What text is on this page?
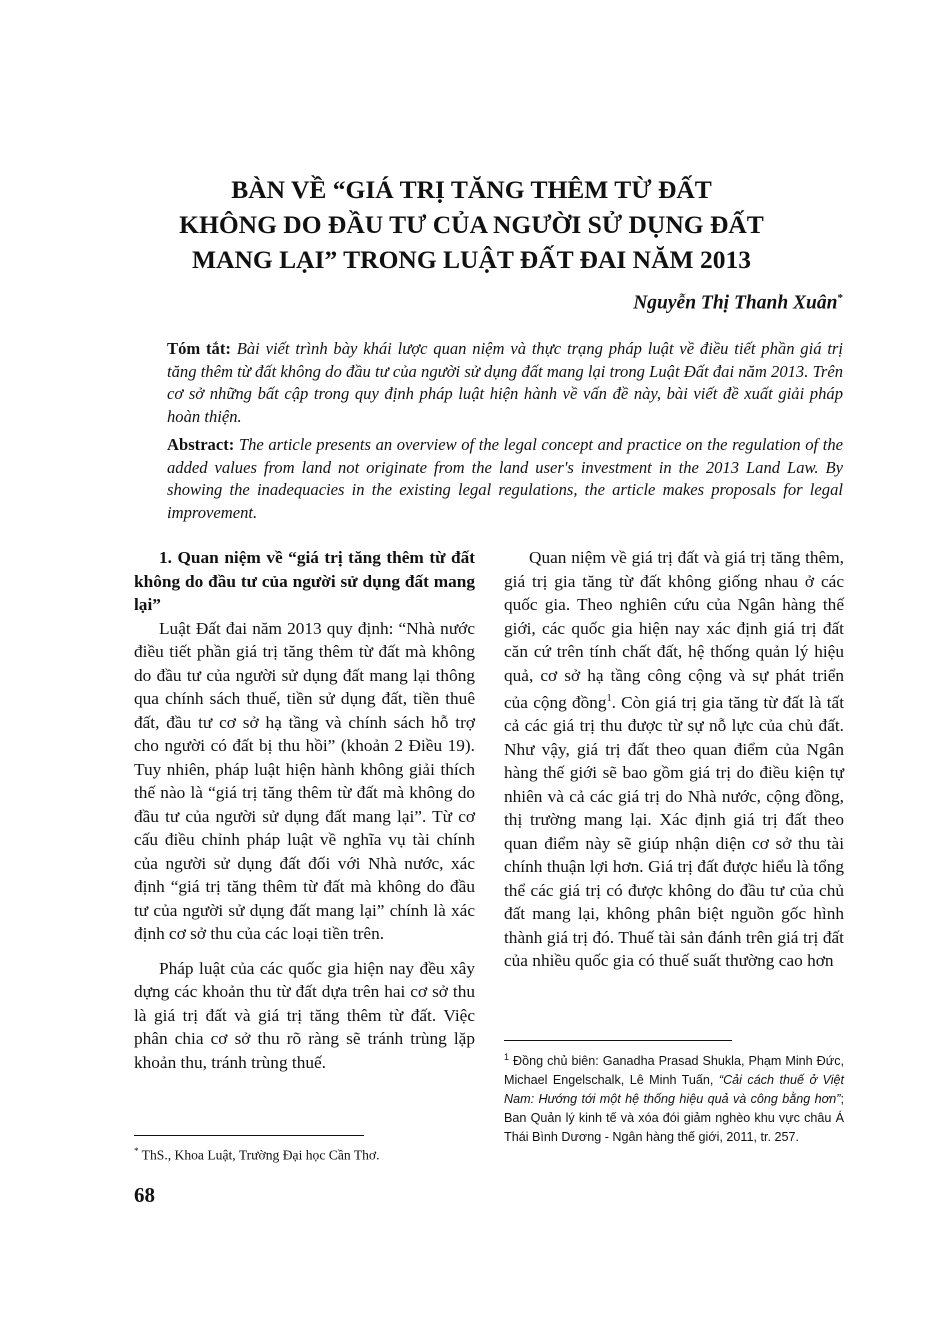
BÀN VỀ “GIÁ TRỊ TĂNG THÊM TỪ ĐẤT
KHÔNG DO ĐẦU TƯ CỦA NGƯỜI SỬ DỤNG ĐẤT
MANG LẠI” TRONG LUẬT ĐẤT ĐAI NĂM 2013
Nguyễn Thị Thanh Xuân*
Tóm tắt: Bài viết trình bày khái lược quan niệm và thực trạng pháp luật về điều tiết phần giá trị tăng thêm từ đất không do đầu tư của người sử dụng đất mang lại trong Luật Đất đai năm 2013. Trên cơ sở những bất cập trong quy định pháp luật hiện hành về vấn đề này, bài viết đề xuất giải pháp hoàn thiện.
Abstract: The article presents an overview of the legal concept and practice on the regulation of the added values from land not originate from the land user's investment in the 2013 Land Law. By showing the inadequacies in the existing legal regulations, the article makes proposals for legal improvement.

1. Quan niệm về “giá trị tăng thêm từ đất không do đầu tư của người sử dụng đất mang lại”

Luật Đất đai năm 2013 quy định: “Nhà nước điều tiết phần giá trị tăng thêm từ đất mà không do đầu tư của người sử dụng đất mang lại thông qua chính sách thuế, tiền sử dụng đất, tiền thuê đất, đầu tư cơ sở hạ tầng và chính sách hỗ trợ cho người có đất bị thu hồi” (khoản 2 Điều 19). Tuy nhiên, pháp luật hiện hành không giải thích thế nào là “giá trị tăng thêm từ đất mà không do đầu tư của người sử dụng đất mang lại”. Từ cơ cấu điều chỉnh pháp luật về nghĩa vụ tài chính của người sử dụng đất đối với Nhà nước, xác định “giá trị tăng thêm từ đất mà không do đầu tư của người sử dụng đất mang lại” chính là xác định cơ sở thu của các loại tiền trên.

Pháp luật của các quốc gia hiện nay đều xây dựng các khoản thu từ đất dựa trên hai cơ sở thu là giá trị đất và giá trị tăng thêm từ đất. Việc phân chia cơ sở thu rõ ràng sẽ tránh trùng lặp khoản thu, tránh trùng thuế.

Quan niệm về giá trị đất và giá trị tăng thêm, giá trị gia tăng từ đất không giống nhau ở các quốc gia. Theo nghiên cứu của Ngân hàng thế giới, các quốc gia hiện nay xác định giá trị đất căn cứ trên tính chất đất, hệ thống quản lý hiệu quả, cơ sở hạ tầng công cộng và sự phát triển của cộng đồng$^1$. Còn giá trị gia tăng từ đất là tất cả các giá trị thu được từ sự nỗ lực của chủ đất. Như vậy, giá trị đất theo quan điểm của Ngân hàng thế giới sẽ bao gồm giá trị do điều kiện tự nhiên và cả các giá trị do Nhà nước, cộng đồng, thị trường mang lại. Xác định giá trị đất theo quan điểm này sẽ giúp nhận diện cơ sở thu tài chính thuận lợi hơn. Giá trị đất được hiểu là tổng thể các giá trị có được không do đầu tư của chủ đất mang lại, không phân biệt nguồn gốc hình thành giá trị đó. Thuế tài sản đánh trên giá trị đất của nhiều quốc gia có thuế suất thường cao hơn

* ThS., Khoa Luật, Trường Đại học Cần Thơ.
$^1$ Đồng chủ biên: Ganadha Prasad Shukla, Phạm Minh Đức, Michael Engelschalk, Lê Minh Tuấn, “Cải cách thuế ở Việt Nam: Hướng tới một hệ thống hiệu quả và công bằng hơn”; Ban Quản lý kinh tế và xóa đói giảm nghèo khu vực châu Á Thái Bình Dương - Ngân hàng thế giới, 2011, tr. 257.
68
